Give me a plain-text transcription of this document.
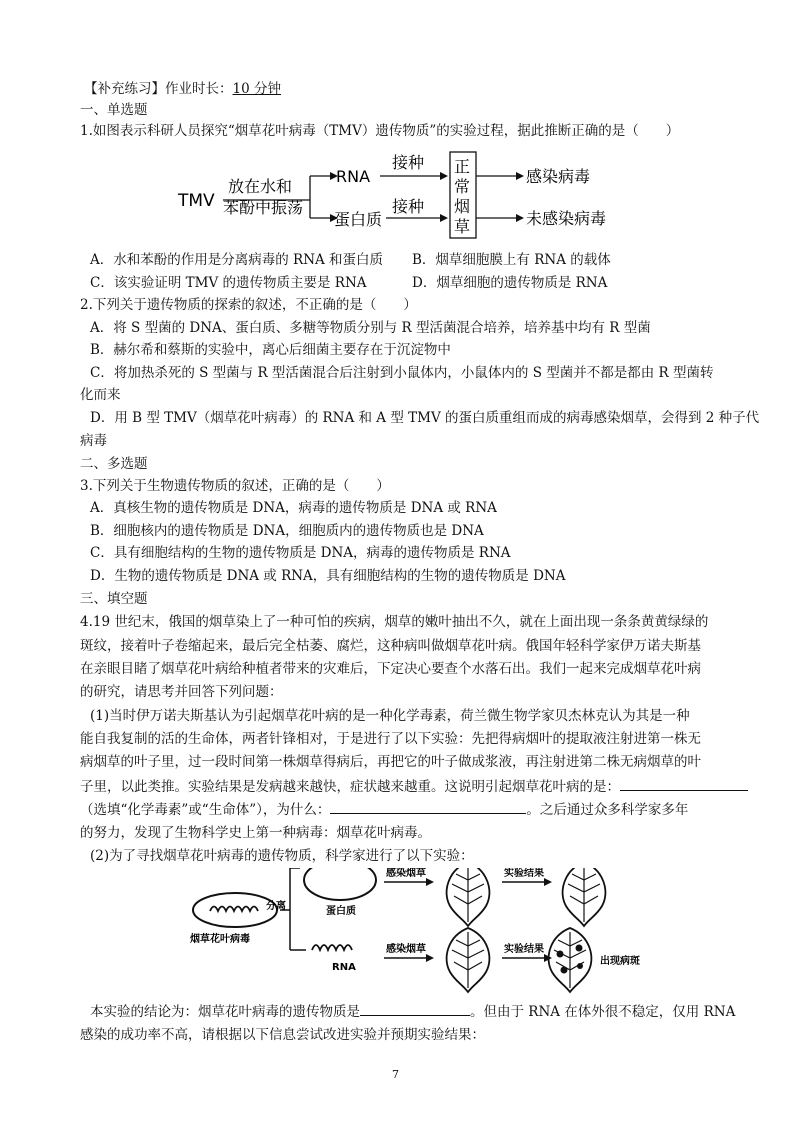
【补充练习】作业时长：10 分钟
一、单选题
1.如图表示科研人员探究“烟草花叶病毒（TMV）遗传物质”的实验过程，据此推断正确的是（　　）
TMV
放在水和
苯酚中振荡
RNA
蛋白质
接种
接种
正
常
烟
草
感染病毒
未感染病毒
A．水和苯酚的作用是分离病毒的 RNA 和蛋白质 B．烟草细胞膜上有 RNA 的载体
C．该实验证明 TMV 的遗传物质主要是 RNA	D．烟草细胞的遗传物质是 RNA
2.下列关于遗传物质的探索的叙述，不正确的是（　　）
A．将 S 型菌的 DNA、蛋白质、多糖等物质分别与 R 型活菌混合培养，培养基中均有 R 型菌
B．赫尔希和蔡斯的实验中，离心后细菌主要存在于沉淀物中
C．将加热杀死的 S 型菌与 R 型活菌混合后注射到小鼠体内，小鼠体内的 S 型菌并不都是都由 R 型菌转
化而来
D．用 B 型 TMV（烟草花叶病毒）的 RNA 和 A 型 TMV 的蛋白质重组而成的病毒感染烟草，会得到 2 种子代
病毒
二、多选题
3.下列关于生物遗传物质的叙述，正确的是（　　）
A．真核生物的遗传物质是 DNA，病毒的遗传物质是 DNA 或 RNA
B．细胞核内的遗传物质是 DNA，细胞质内的遗传物质也是 DNA
C．具有细胞结构的生物的遗传物质是 DNA，病毒的遗传物质是 RNA
D．生物的遗传物质是 DNA 或 RNA，具有细胞结构的生物的遗传物质是 DNA
三、填空题
4.19 世纪末，俄国的烟草染上了一种可怕的疾病，烟草的嫩叶抽出不久，就在上面出现一条条黄黄绿绿的
斑纹，接着叶子卷缩起来，最后完全枯萎、腐烂，这种病叫做烟草花叶病。俄国年轻科学家伊万诺夫斯基
在亲眼目睹了烟草花叶病给种植者带来的灾难后，下定决心要查个水落石出。我们一起来完成烟草花叶病
的研究，请思考并回答下列问题：
(1)当时伊万诺夫斯基认为引起烟草花叶病的是一种化学毒素，荷兰微生物学家贝杰林克认为其是一种
能自我复制的活的生命体，两者针锋相对，于是进行了以下实验：先把得病烟叶的提取液注射进第一株无
病烟草的叶子里，过一段时间第一株烟草得病后，再把它的叶子做成浆液，再注射进第二株无病烟草的叶
子里，以此类推。实验结果是发病越来越快，症状越来越重。这说明引起烟草花叶病的是：
（选填“化学毒素”或“生命体”），为什么：	。之后通过众多科学家多年
的努力，发现了生物科学史上第一种病毒：烟草花叶病毒。
(2)为了寻找烟草花叶病毒的遗传物质，科学家进行了以下实验：
烟草花叶病毒
分离	蛋白质
RNA
感染烟草
感染烟草
实验结果
实验结果
出现病斑
本实验的结论为：烟草花叶病毒的遗传物质是	。但由于 RNA 在体外很不稳定，仅用 RNA
感染的成功率不高，请根据以下信息尝试改进实验并预期实验结果：
7
